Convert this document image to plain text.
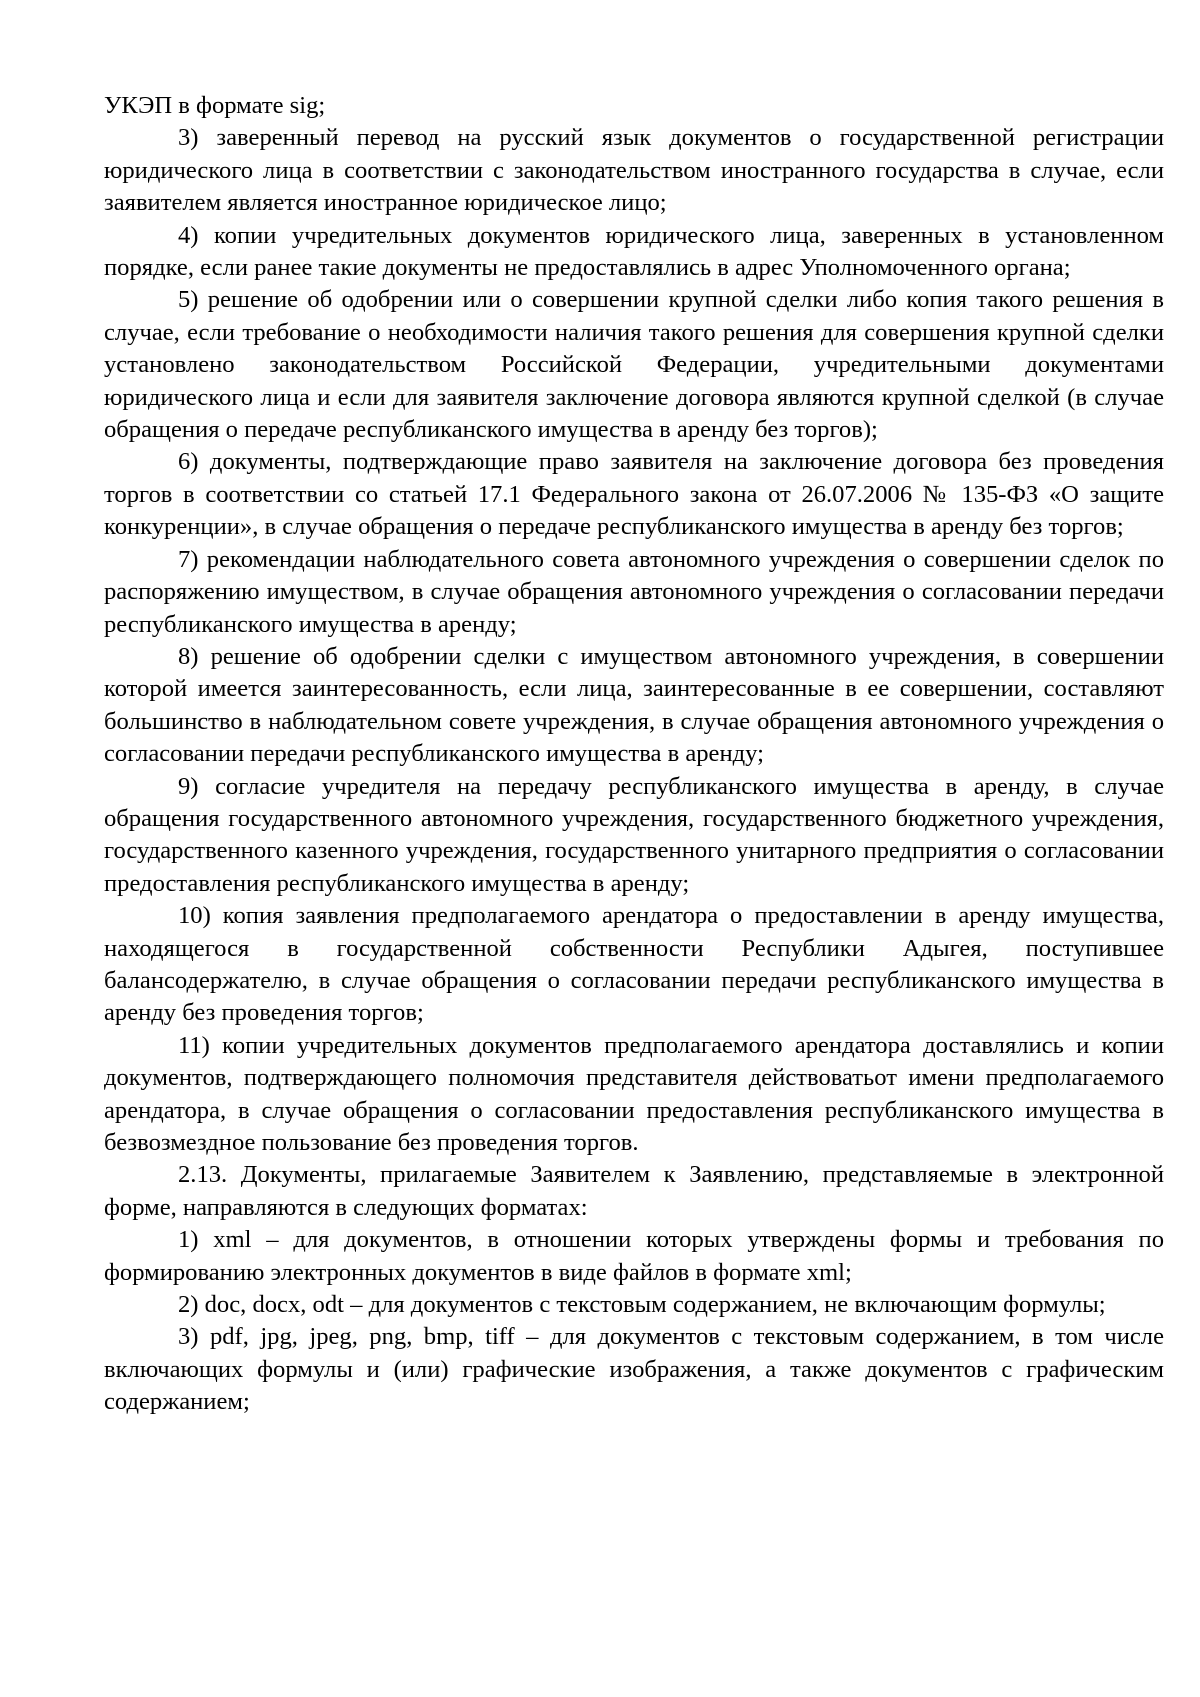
УКЭП в формате sig;

3) заверенный перевод на русский язык документов о государственной регистрации юридического лица в соответствии с законодательством иностранного государства в случае, если заявителем является иностранное юридическое лицо;

4) копии учредительных документов юридического лица, заверенных в установленном порядке, если ранее такие документы не предоставлялись в адрес Уполномоченного органа;

5) решение об одобрении или о совершении крупной сделки либо копия такого решения в случае, если требование о необходимости наличия такого решения для совершения крупной сделки установлено законодательством Российской Федерации, учредительными документами юридического лица и если для заявителя заключение договора являются крупной сделкой (в случае обращения о передаче республиканского имущества в аренду без торгов);

6) документы, подтверждающие право заявителя на заключение договора без проведения торгов в соответствии со статьей 17.1 Федерального закона от 26.07.2006 № 135-ФЗ «О защите конкуренции», в случае обращения о передаче республиканского имущества в аренду без торгов;

7) рекомендации наблюдательного совета автономного учреждения о совершении сделок по распоряжению имуществом, в случае обращения автономного учреждения о согласовании передачи республиканского имущества в аренду;

8) решение об одобрении сделки с имуществом автономного учреждения, в совершении которой имеется заинтересованность, если лица, заинтересованные в ее совершении, составляют большинство в наблюдательном совете учреждения, в случае обращения автономного учреждения о согласовании передачи республиканского имущества в аренду;

9) согласие учредителя на передачу республиканского имущества в аренду, в случае обращения государственного автономного учреждения, государственного бюджетного учреждения, государственного казенного учреждения, государственного унитарного предприятия о согласовании предоставления республиканского имущества в аренду;

10) копия заявления предполагаемого арендатора о предоставлении в аренду имущества, находящегося в государственной собственности Республики Адыгея, поступившее балансодержателю, в случае обращения о согласовании передачи республиканского имущества в аренду без проведения торгов;

11) копии учредительных документов предполагаемого арендатора доставлялись и копии документов, подтверждающего полномочия представителя действоватьот имени предполагаемого арендатора, в случае обращения о согласовании предоставления республиканского имущества в безвозмездное пользование без проведения торгов.

2.13. Документы, прилагаемые Заявителем к Заявлению, представляемые в электронной форме, направляются в следующих форматах:

1) xml – для документов, в отношении которых утверждены формы и требования по формированию электронных документов в виде файлов в формате xml;

2) doc, docx, odt – для документов с текстовым содержанием, не включающим формулы;

3) pdf, jpg, jpeg, png, bmp, tiff – для документов с текстовым содержанием, в том числе включающих формулы и (или) графические изображения, а также документов с графическим содержанием;
